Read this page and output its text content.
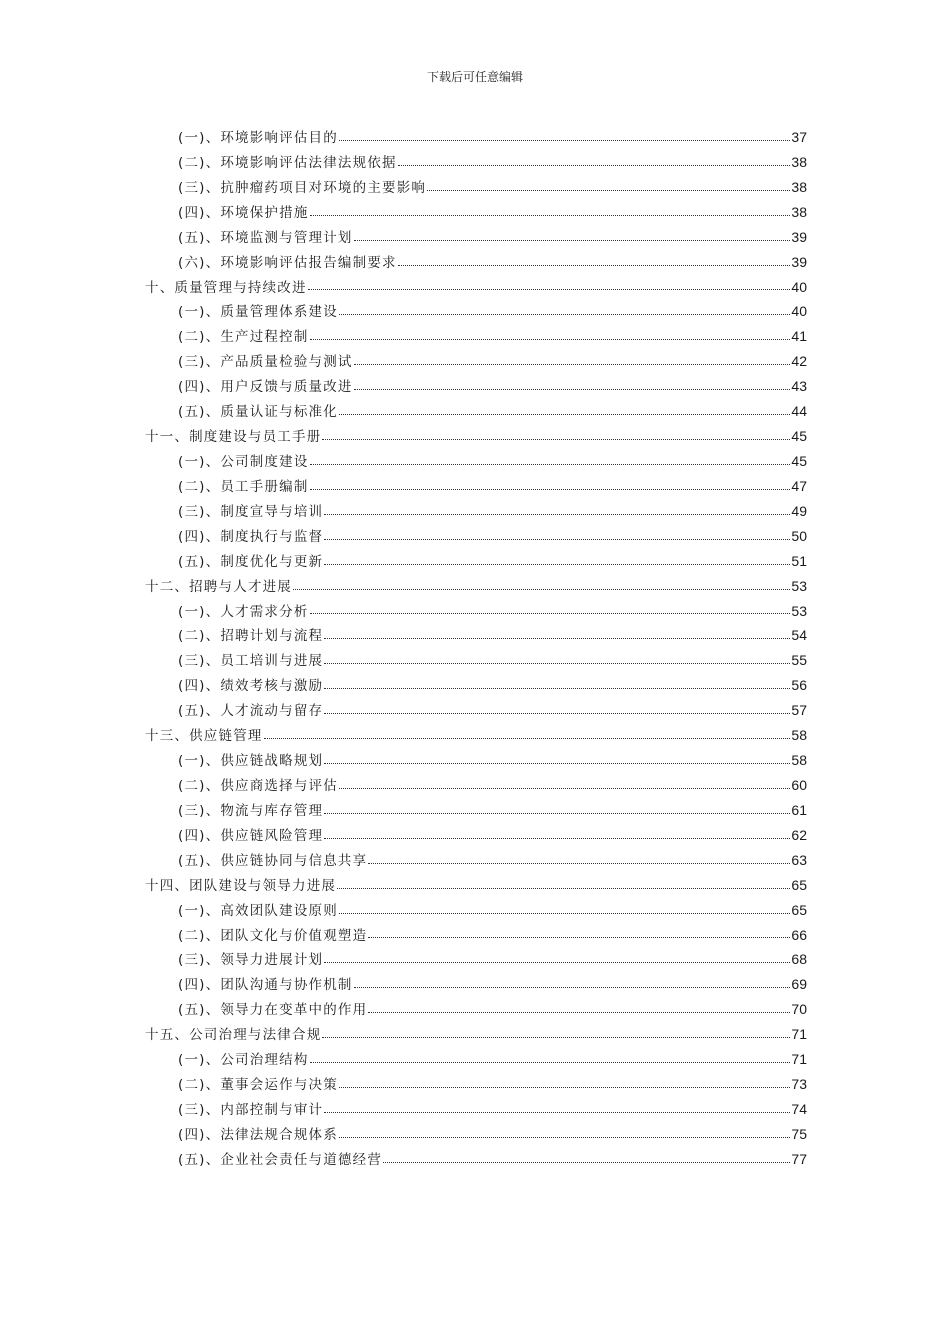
下载后可任意编辑
(一)、环境影响评估目的	37
(二)、环境影响评估法律法规依据	38
(三)、抗肿瘤药项目对环境的主要影响	38
(四)、环境保护措施	38
(五)、环境监测与管理计划	39
(六)、环境影响评估报告编制要求	39
十、质量管理与持续改进	40
(一)、质量管理体系建设	40
(二)、生产过程控制	41
(三)、产品质量检验与测试	42
(四)、用户反馈与质量改进	43
(五)、质量认证与标准化	44
十一、制度建设与员工手册	45
(一)、公司制度建设	45
(二)、员工手册编制	47
(三)、制度宣导与培训	49
(四)、制度执行与监督	50
(五)、制度优化与更新	51
十二、招聘与人才进展	53
(一)、人才需求分析	53
(二)、招聘计划与流程	54
(三)、员工培训与进展	55
(四)、绩效考核与激励	56
(五)、人才流动与留存	57
十三、供应链管理	58
(一)、供应链战略规划	58
(二)、供应商选择与评估	60
(三)、物流与库存管理	61
(四)、供应链风险管理	62
(五)、供应链协同与信息共享	63
十四、团队建设与领导力进展	65
(一)、高效团队建设原则	65
(二)、团队文化与价值观塑造	66
(三)、领导力进展计划	68
(四)、团队沟通与协作机制	69
(五)、领导力在变革中的作用	70
十五、公司治理与法律合规	71
(一)、公司治理结构	71
(二)、董事会运作与决策	73
(三)、内部控制与审计	74
(四)、法律法规合规体系	75
(五)、企业社会责任与道德经营	77
